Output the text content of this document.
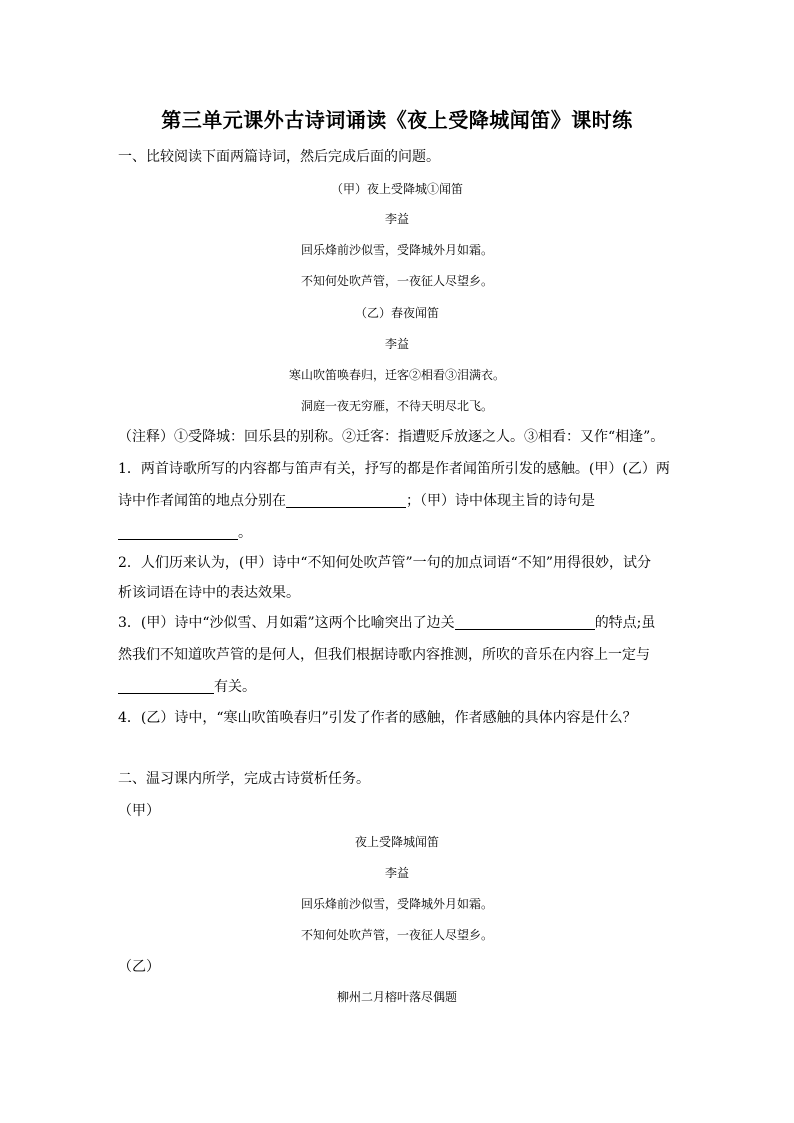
第三单元课外古诗词诵读《夜上受降城闻笛》课时练
一、比较阅读下面两篇诗词，然后完成后面的问题。
（甲）夜上受降城①闻笛
李益
回乐烽前沙似雪，受降城外月如霜。
不知何处吹芦管，一夜征人尽望乡。
（乙）春夜闻笛
李益
寒山吹笛唤春归，迁客②相看③泪满衣。
洞庭一夜无穷雁，不待天明尽北飞。
（注释）①受降城：回乐县的别称。②迁客：指遭贬斥放逐之人。③相看：又作“相逢”。
1．两首诗歌所写的内容都与笛声有关，抒写的都是作者闻笛所引发的感触。(甲）(乙）两
诗中作者闻笛的地点分别在	；（甲）诗中体现主旨的诗句是
。
2．人们历来认为，(甲）诗中“不知何处吹芦管”一句的加点词语“不知”用得很妙，试分
析该词语在诗中的表达效果。
3．(甲）诗中“沙似雪、月如霜”这两个比喻突出了边关	的特点;虽
然我们不知道吹芦管的是何人，但我们根据诗歌内容推测，所吹的音乐在内容上一定与
有关。
4．(乙）诗中，“寒山吹笛唤春归”引发了作者的感触，作者感触的具体内容是什么？
二、温习课内所学，完成古诗赏析任务。
（甲）
夜上受降城闻笛
李益
回乐烽前沙似雪，受降城外月如霜。
不知何处吹芦管，一夜征人尽望乡。
（乙）
柳州二月榕叶落尽偶题
